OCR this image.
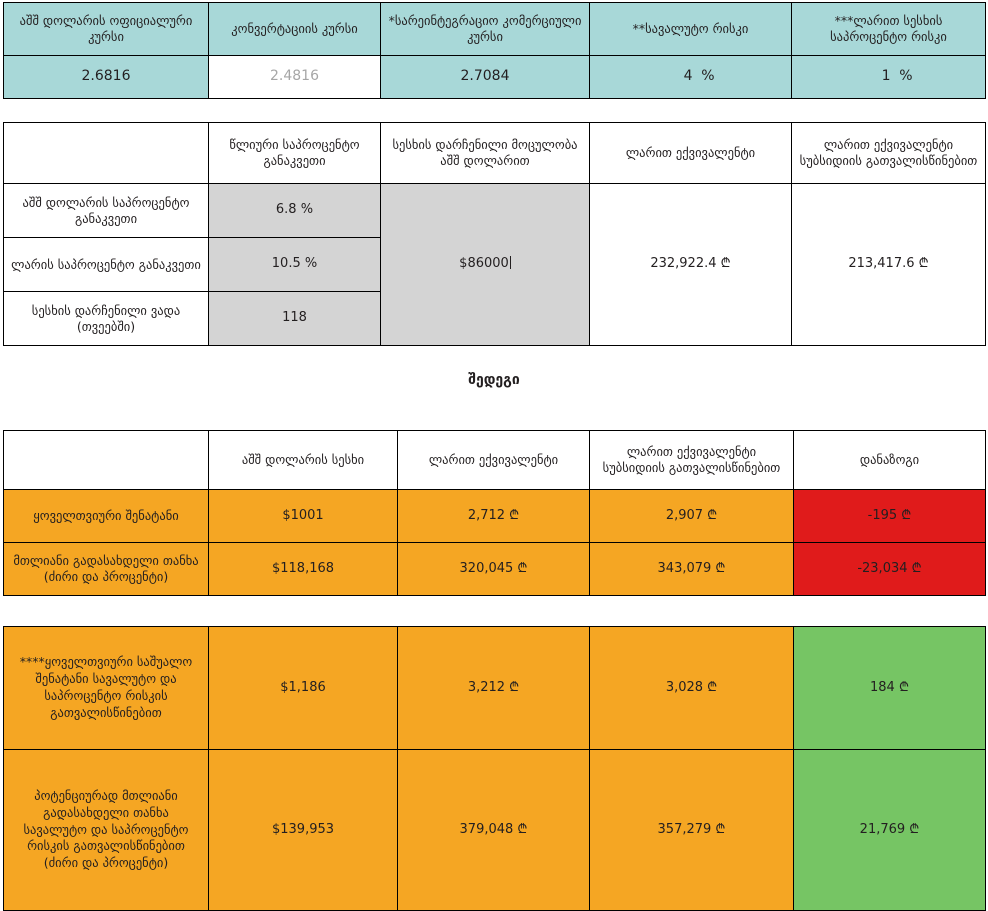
აშშ დოლარის ოფიციალური კურსი	კონვერტაციის კურსი	*სარეინტეგრაციო კომერციული კურსი	**სავალუტო რისკი	***ლარით სესხის საპროცენტო რისკი
2.6816	2.4816	2.7084	4 %	1 %
	წლიური საპროცენტო განაკვეთი	სესხის დარჩენილი მოცულობა აშშ დოლარით	ლარით ექვივალენტი	ლარით ექვივალენტი სუბსიდიის გათვალისწინებით
აშშ დოლარის საპროცენტო განაკვეთი	6.8 %	$86000	232,922.4 ₾	213,417.6 ₾
ლარის საპროცენტო განაკვეთი	10.5 %			
სესხის დარჩენილი ვადა (თვეებში)	118			
შედეგი
	აშშ დოლარის სესხი	ლარით ექვივალენტი	ლარით ექვივალენტი სუბსიდიის გათვალისწინებით	დანაზოგი
ყოველთვიური შენატანი	$1001	2,712 ₾	2,907 ₾	-195 ₾
მთლიანი გადასახდელი თანხა (ძირი და პროცენტი)	$118,168	320,045 ₾	343,079 ₾	-23,034 ₾

****ყოველთვიური საშუალო შენატანი სავალუტო და საპროცენტო რისკის გათვალისწინებით	$1,186	3,212 ₾	3,028 ₾	184 ₾
პოტენციურად მთლიანი გადასახდელი თანხა სავალუტო და საპროცენტო რისკის გათვალისწინებით (ძირი და პროცენტი)	$139,953	379,048 ₾	357,279 ₾	21,769 ₾
